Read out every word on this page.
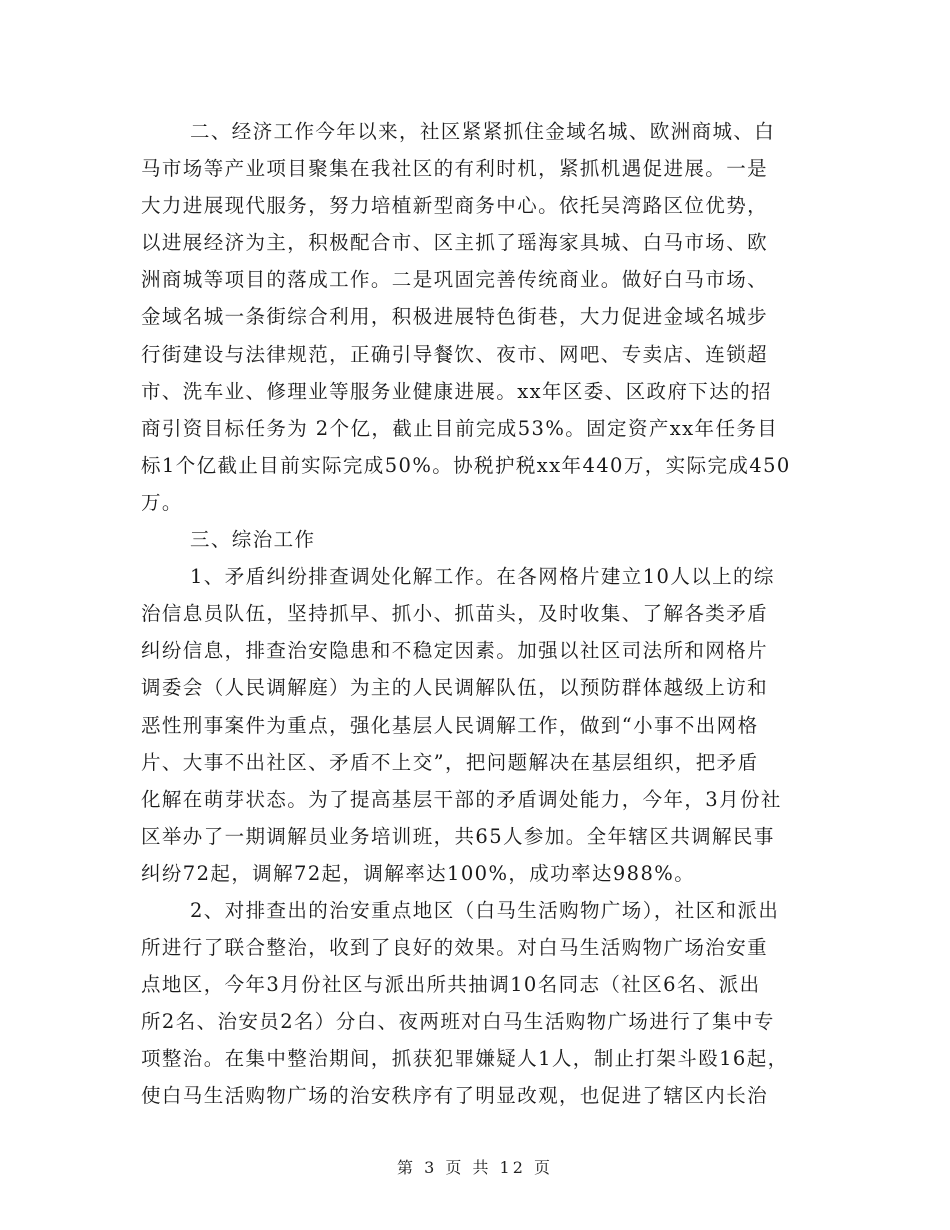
二、经济工作今年以来，社区紧紧抓住金域名城、欧洲商城、白
马市场等产业项目聚集在我社区的有利时机，紧抓机遇促进展。一是
大力进展现代服务，努力培植新型商务中心。依托吴湾路区位优势，
以进展经济为主，积极配合市、区主抓了瑶海家具城、白马市场、欧
洲商城等项目的落成工作。二是巩固完善传统商业。做好白马市场、
金域名城一条街综合利用，积极进展特色街巷，大力促进金域名城步
行街建设与法律规范，正确引导餐饮、夜市、网吧、专卖店、连锁超
市、洗车业、修理业等服务业健康进展。xx年区委、区政府下达的招
商引资目标任务为 2个亿，截止目前完成53%。固定资产xx年任务目
标1个亿截止目前实际完成50%。协税护税xx年440万，实际完成450
万。
三、综治工作
1、矛盾纠纷排查调处化解工作。在各网格片建立10人以上的综
治信息员队伍，坚持抓早、抓小、抓苗头，及时收集、了解各类矛盾
纠纷信息，排查治安隐患和不稳定因素。加强以社区司法所和网格片
调委会（人民调解庭）为主的人民调解队伍，以预防群体越级上访和
恶性刑事案件为重点，强化基层人民调解工作，做到“小事不出网格
片、大事不出社区、矛盾不上交”，把问题解决在基层组织，把矛盾
化解在萌芽状态。为了提高基层干部的矛盾调处能力，今年，3月份社
区举办了一期调解员业务培训班，共65人参加。全年辖区共调解民事
纠纷72起，调解72起，调解率达100%，成功率达988%。
2、对排查出的治安重点地区（白马生活购物广场），社区和派出
所进行了联合整治，收到了良好的效果。对白马生活购物广场治安重
点地区，今年3月份社区与派出所共抽调10名同志（社区6名、派出
所2名、治安员2名）分白、夜两班对白马生活购物广场进行了集中专
项整治。在集中整治期间，抓获犯罪嫌疑人1人，制止打架斗殴16起，
使白马生活购物广场的治安秩序有了明显改观，也促进了辖区内长治
第 3 页 共 12 页
